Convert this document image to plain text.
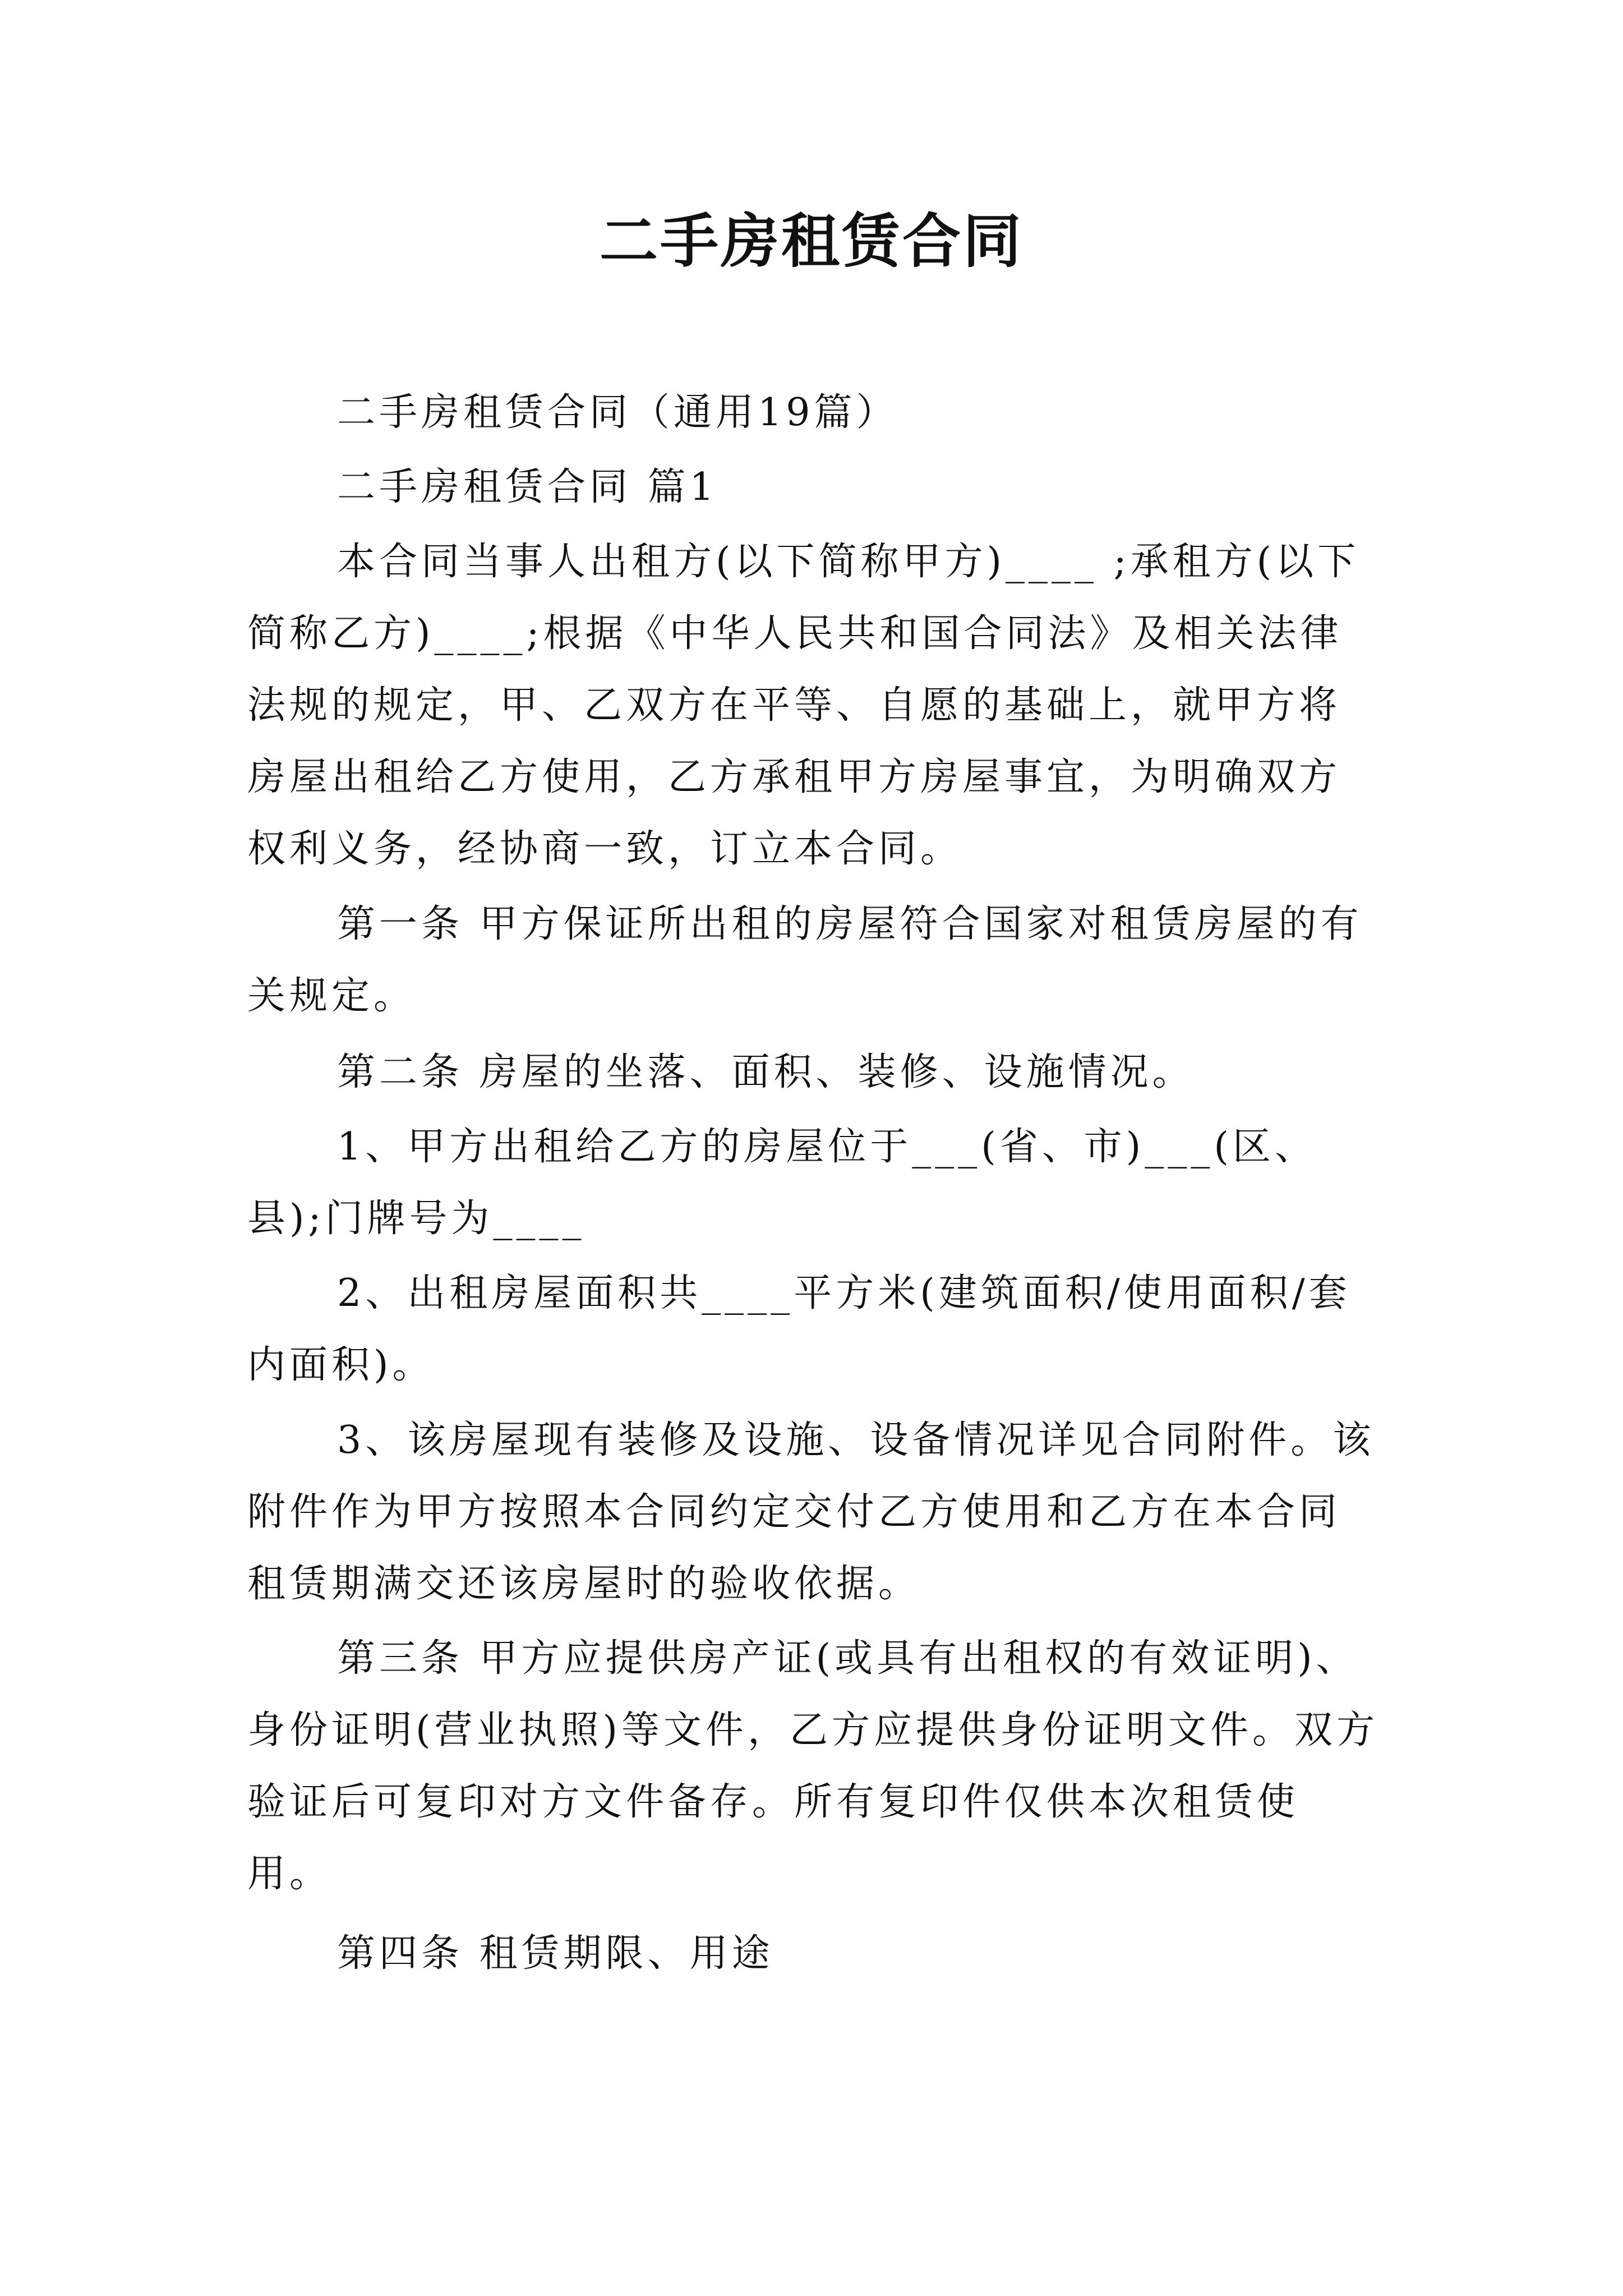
二手房租赁合同

二手房租赁合同（通用19篇）

二手房租赁合同 篇1

本合同当事人出租方(以下简称甲方)____ ;承租方(以下简称乙方)____;根据《中华人民共和国合同法》及相关法律法规的规定，甲、乙双方在平等、自愿的基础上，就甲方将房屋出租给乙方使用，乙方承租甲方房屋事宜，为明确双方权利义务，经协商一致，订立本合同。

第一条 甲方保证所出租的房屋符合国家对租赁房屋的有关规定。

第二条 房屋的坐落、面积、装修、设施情况。

1、甲方出租给乙方的房屋位于___(省、市)___(区、县);门牌号为____

2、出租房屋面积共____平方米(建筑面积/使用面积/套内面积)。

3、该房屋现有装修及设施、设备情况详见合同附件。该附件作为甲方按照本合同约定交付乙方使用和乙方在本合同租赁期满交还该房屋时的验收依据。

第三条 甲方应提供房产证(或具有出租权的有效证明)、身份证明(营业执照)等文件，乙方应提供身份证明文件。双方验证后可复印对方文件备存。所有复印件仅供本次租赁使用。

第四条 租赁期限、用途
